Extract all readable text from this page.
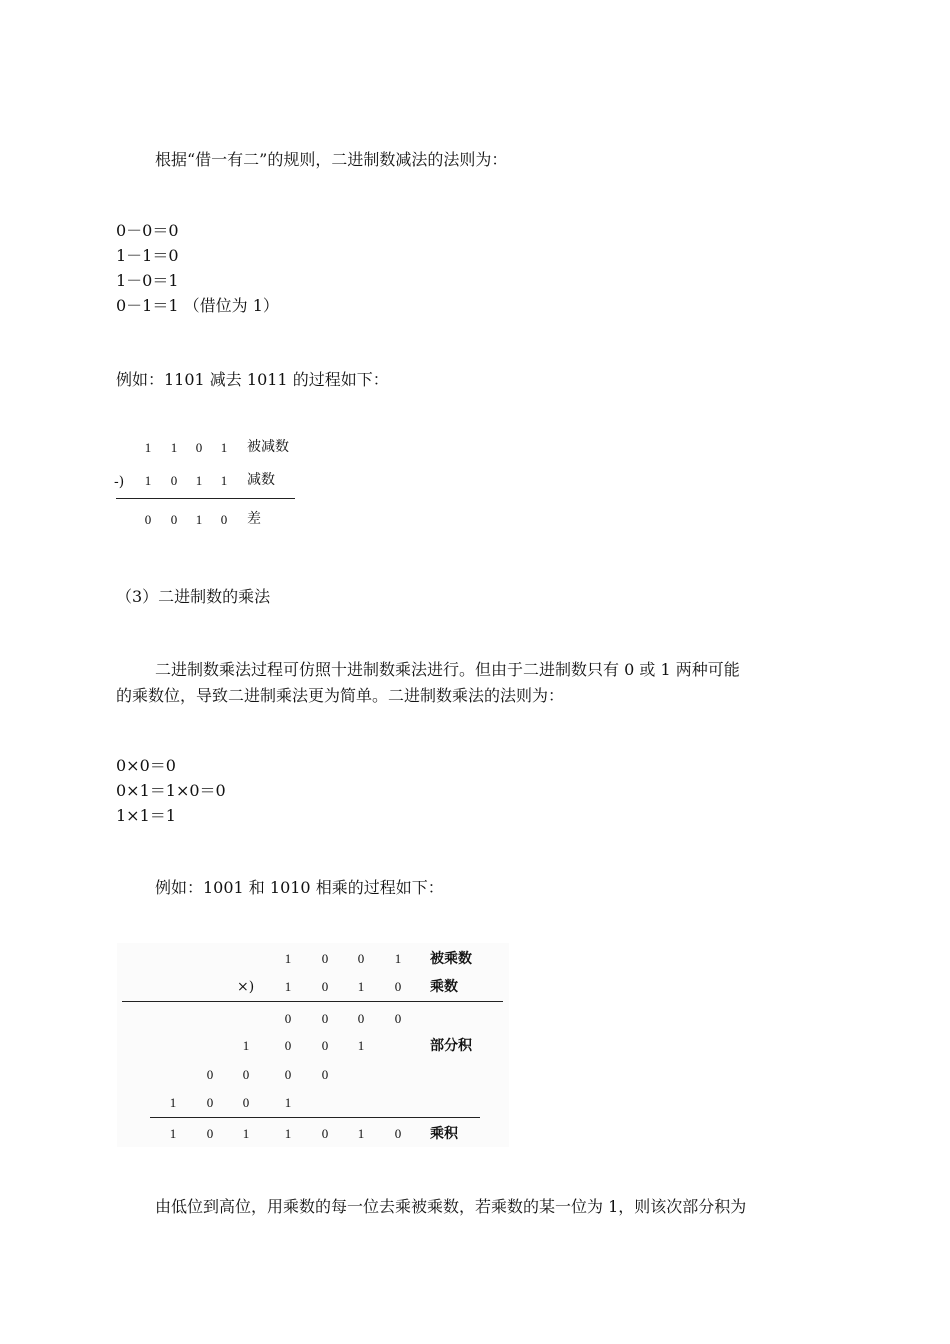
根据“借一有二”的规则，二进制数减法的法则为：
0－0＝0
1－1＝0
1－0＝1
0－1＝1 （借位为 1）
例如：1101 减去 1011 的过程如下：
1	1	0	1	被减数
-)	1	0	1	1	减数
0	0	1	0	差
（3）二进制数的乘法
二进制数乘法过程可仿照十进制数乘法进行。但由于二进制数只有 0 或 1 两种可能
的乘数位，导致二进制乘法更为简单。二进制数乘法的法则为：
0×0＝0
0×1＝1×0＝0
1×1＝1
例如：1001 和 1010 相乘的过程如下：
1	0	0	1	被乘数
×)	1	0	1	0	乘数
0	0	0	0
1	0	0	1	部分积
0	0	0	0
1	0	0	1
1	0	1	1	0	1	0	乘积
由低位到高位，用乘数的每一位去乘被乘数，若乘数的某一位为 1，则该次部分积为
